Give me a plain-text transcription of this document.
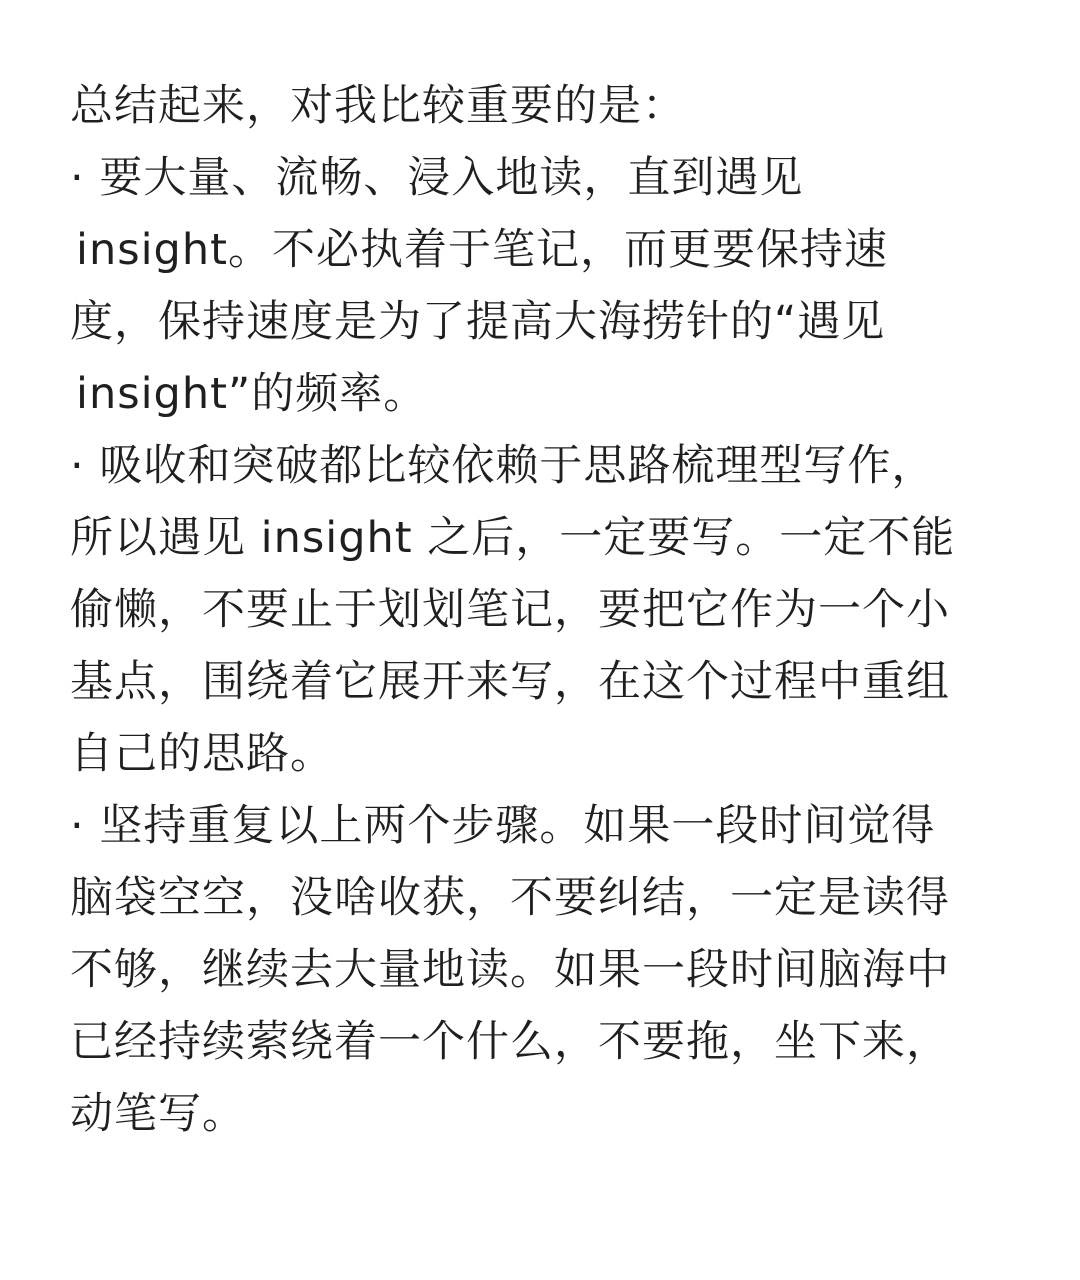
总结起来，对我比较重要的是：
· 要大量、流畅、浸入地读，直到遇见
insight。不必执着于笔记，而更要保持速
度，保持速度是为了提高大海捞针的“遇见
insight”的频率。
· 吸收和突破都比较依赖于思路梳理型写作，
所以遇见 insight 之后，一定要写。一定不能
偷懒，不要止于划划笔记，要把它作为一个小
基点，围绕着它展开来写，在这个过程中重组
自己的思路。
· 坚持重复以上两个步骤。如果一段时间觉得
脑袋空空，没啥收获，不要纠结，一定是读得
不够，继续去大量地读。如果一段时间脑海中
已经持续萦绕着一个什么，不要拖，坐下来，
动笔写。
